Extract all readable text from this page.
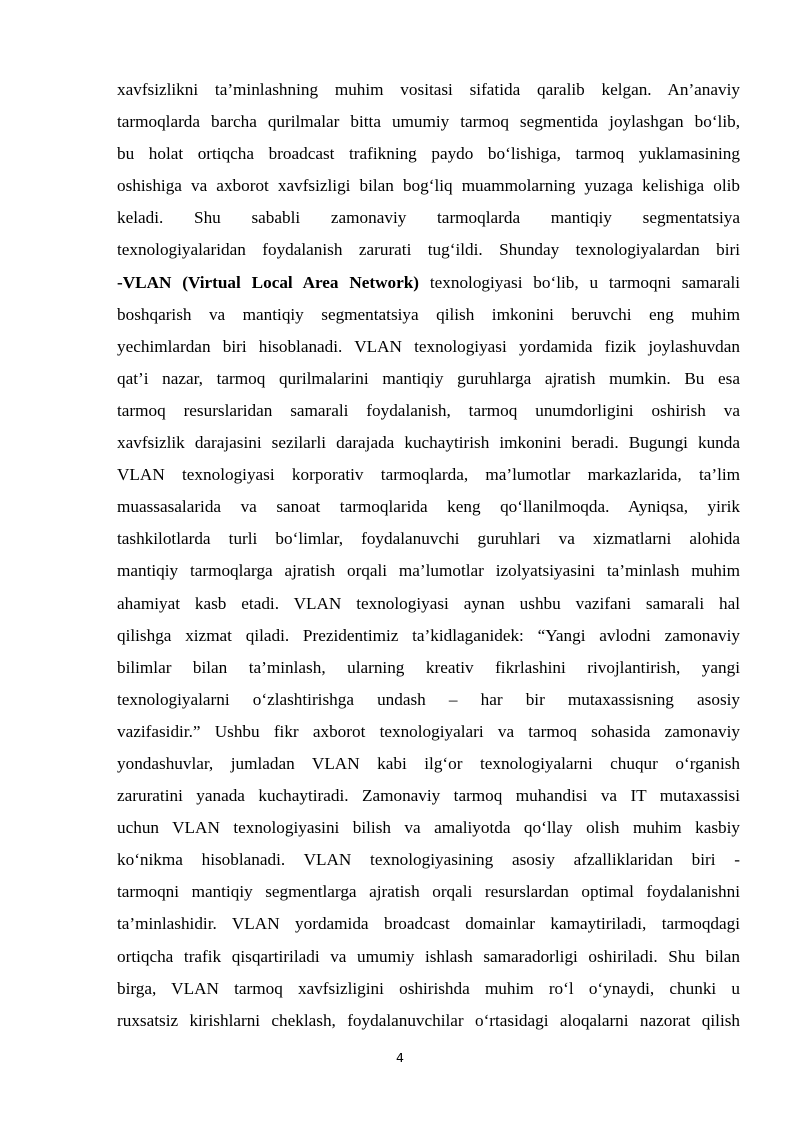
xavfsizlikni ta’minlashning muhim vositasi sifatida qaralib kelgan. An’anaviy
tarmoqlarda barcha qurilmalar bitta umumiy tarmoq segmentida joylashgan bo‘lib,
bu holat ortiqcha broadcast trafikning paydo bo‘lishiga, tarmoq yuklamasining
oshishiga va axborot xavfsizligi bilan bog‘liq muammolarning yuzaga kelishiga olib
keladi. Shu sababli zamonaviy tarmoqlarda mantiqiy segmentatsiya
texnologiyalaridan foydalanish zarurati tug‘ildi. Shunday texnologiyalardan biri
-VLAN (Virtual Local Area Network) texnologiyasi bo‘lib, u tarmoqni samarali
boshqarish va mantiqiy segmentatsiya qilish imkonini beruvchi eng muhim
yechimlardan biri hisoblanadi. VLAN texnologiyasi yordamida fizik joylashuvdan
qat’i nazar, tarmoq qurilmalarini mantiqiy guruhlarga ajratish mumkin. Bu esa
tarmoq resurslaridan samarali foydalanish, tarmoq unumdorligini oshirish va
xavfsizlik darajasini sezilarli darajada kuchaytirish imkonini beradi. Bugungi kunda
VLAN texnologiyasi korporativ tarmoqlarda, ma’lumotlar markazlarida, ta’lim
muassasalarida va sanoat tarmoqlarida keng qo‘llanilmoqda. Ayniqsa, yirik
tashkilotlarda turli bo‘limlar, foydalanuvchi guruhlari va xizmatlarni alohida
mantiqiy tarmoqlarga ajratish orqali ma’lumotlar izolyatsiyasini ta’minlash muhim
ahamiyat kasb etadi. VLAN texnologiyasi aynan ushbu vazifani samarali hal
qilishga xizmat qiladi. Prezidentimiz ta’kidlaganidek: “Yangi avlodni zamonaviy
bilimlar bilan ta’minlash, ularning kreativ fikrlashini rivojlantirish, yangi
texnologiyalarni o‘zlashtirishga undash – har bir mutaxassisning asosiy
vazifasidir.” Ushbu fikr axborot texnologiyalari va tarmoq sohasida zamonaviy
yondashuvlar, jumladan VLAN kabi ilg‘or texnologiyalarni chuqur o‘rganish
zaruratini yanada kuchaytiradi. Zamonaviy tarmoq muhandisi va IT mutaxassisi
uchun VLAN texnologiyasini bilish va amaliyotda qo‘llay olish muhim kasbiy
ko‘nikma hisoblanadi. VLAN texnologiyasining asosiy afzalliklaridan biri -
tarmoqni mantiqiy segmentlarga ajratish orqali resurslardan optimal foydalanishni
ta’minlashidir. VLAN yordamida broadcast domainlar kamaytiriladi, tarmoqdagi
ortiqcha trafik qisqartiriladi va umumiy ishlash samaradorligi oshiriladi. Shu bilan
birga, VLAN tarmoq xavfsizligini oshirishda muhim ro‘l o‘ynaydi, chunki u
ruxsatsiz kirishlarni cheklash, foydalanuvchilar o‘rtasidagi aloqalarni nazorat qilish
4
